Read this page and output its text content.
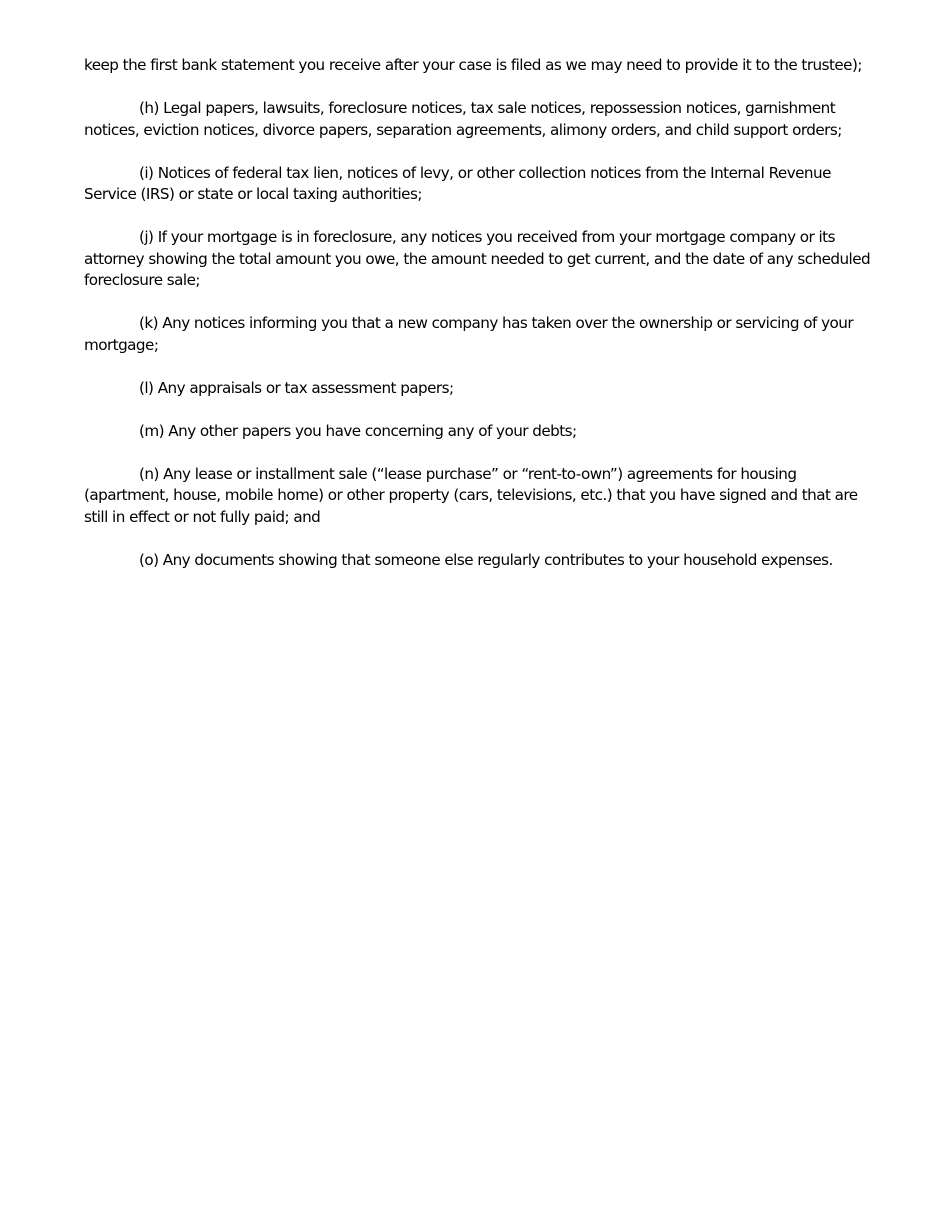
keep the first bank statement you receive after your case is filed as we may need to provide it to the trustee);

(h) Legal papers, lawsuits, foreclosure notices, tax sale notices, repossession notices, garnishment notices, eviction notices, divorce papers, separation agreements, alimony orders, and child support orders;

(i) Notices of federal tax lien, notices of levy, or other collection notices from the Internal Revenue Service (IRS) or state or local taxing authorities;

(j) If your mortgage is in foreclosure, any notices you received from your mortgage company or its attorney showing the total amount you owe, the amount needed to get current, and the date of any scheduled foreclosure sale;

(k) Any notices informing you that a new company has taken over the ownership or servicing of your mortgage;

(l) Any appraisals or tax assessment papers;

(m) Any other papers you have concerning any of your debts;

(n) Any lease or installment sale (“lease purchase” or “rent-to-own”) agreements for housing (apartment, house, mobile home) or other property (cars, televisions, etc.) that you have signed and that are still in effect or not fully paid; and

(o) Any documents showing that someone else regularly contributes to your household expenses.
